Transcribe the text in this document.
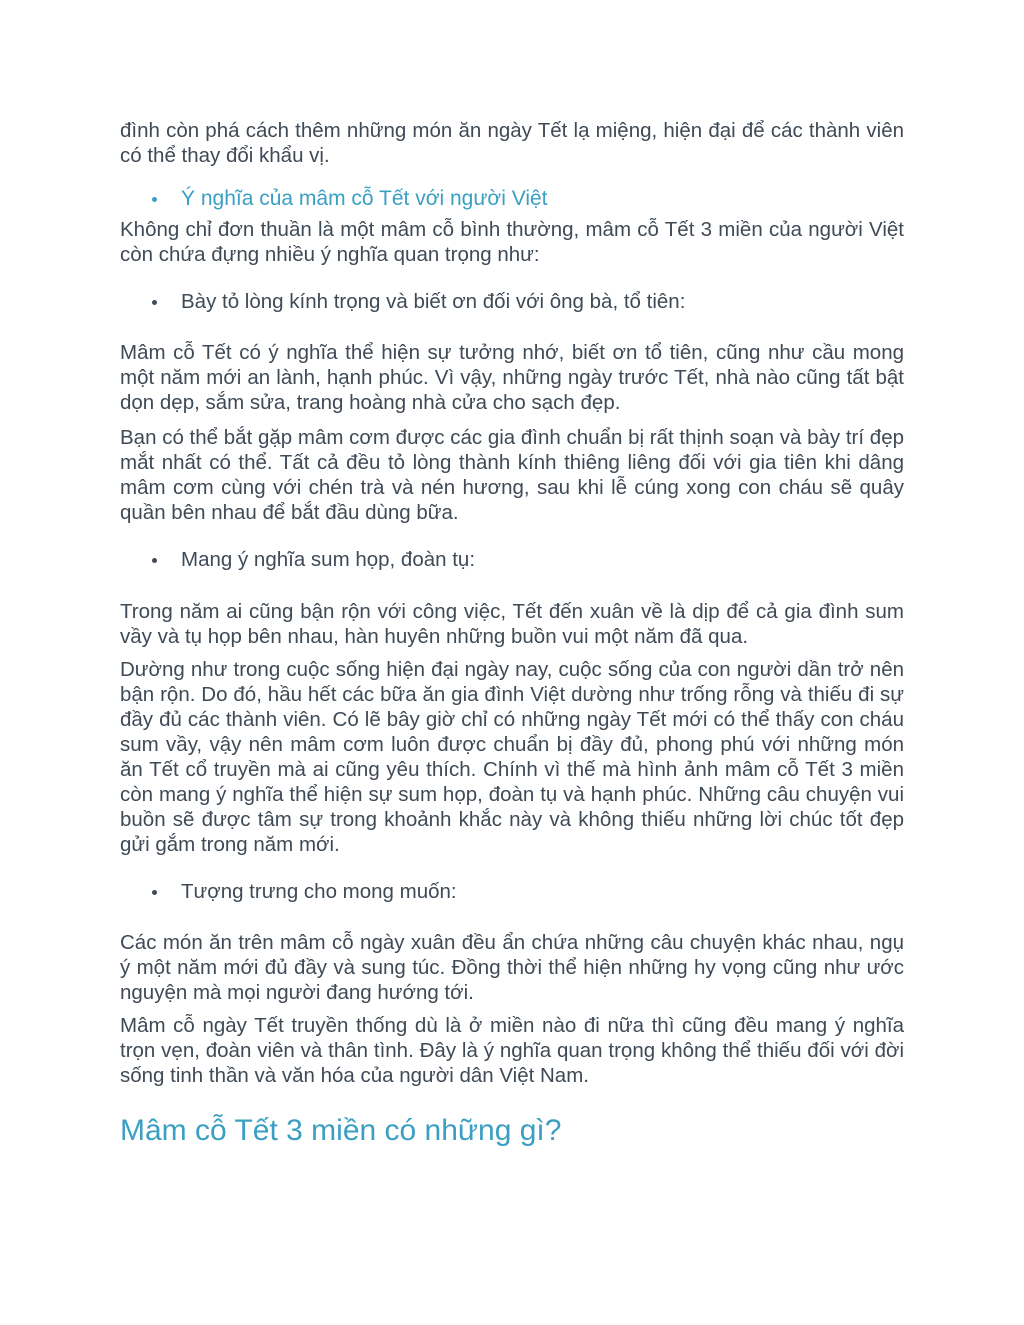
đình còn phá cách thêm những món ăn ngày Tết lạ miệng, hiện đại để các thành viên có thể thay đổi khẩu vị.

Ý nghĩa của mâm cỗ Tết với người Việt

Không chỉ đơn thuần là một mâm cỗ bình thường, mâm cỗ Tết 3 miền của người Việt còn chứa đựng nhiều ý nghĩa quan trọng như:

Bày tỏ lòng kính trọng và biết ơn đối với ông bà, tổ tiên:

Mâm cỗ Tết có ý nghĩa thể hiện sự tưởng nhớ, biết ơn tổ tiên, cũng như cầu mong một năm mới an lành, hạnh phúc. Vì vậy, những ngày trước Tết, nhà nào cũng tất bật dọn dẹp, sắm sửa, trang hoàng nhà cửa cho sạch đẹp.

Bạn có thể bắt gặp mâm cơm được các gia đình chuẩn bị rất thịnh soạn và bày trí đẹp mắt nhất có thể. Tất cả đều tỏ lòng thành kính thiêng liêng đối với gia tiên khi dâng mâm cơm cùng với chén trà và nén hương, sau khi lễ cúng xong con cháu sẽ quây quần bên nhau để bắt đầu dùng bữa.

Mang ý nghĩa sum họp, đoàn tụ:

Trong năm ai cũng bận rộn với công việc, Tết đến xuân về là dịp để cả gia đình sum vầy và tụ họp bên nhau, hàn huyên những buồn vui một năm đã qua.

Dường như trong cuộc sống hiện đại ngày nay, cuộc sống của con người dần trở nên bận rộn. Do đó, hầu hết các bữa ăn gia đình Việt dường như trống rỗng và thiếu đi sự đầy đủ các thành viên. Có lẽ bây giờ chỉ có những ngày Tết mới có thể thấy con cháu sum vầy, vậy nên mâm cơm luôn được chuẩn bị đầy đủ, phong phú với những món ăn Tết cổ truyền mà ai cũng yêu thích. Chính vì thế mà hình ảnh mâm cỗ Tết 3 miền còn mang ý nghĩa thể hiện sự sum họp, đoàn tụ và hạnh phúc. Những câu chuyện vui buồn sẽ được tâm sự trong khoảnh khắc này và không thiếu những lời chúc tốt đẹp gửi gắm trong năm mới.

Tượng trưng cho mong muốn:

Các món ăn trên mâm cỗ ngày xuân đều ẩn chứa những câu chuyện khác nhau, ngụ ý một năm mới đủ đầy và sung túc. Đồng thời thể hiện những hy vọng cũng như ước nguyện mà mọi người đang hướng tới.

Mâm cỗ ngày Tết truyền thống dù là ở miền nào đi nữa thì cũng đều mang ý nghĩa trọn vẹn, đoàn viên và thân tình. Đây là ý nghĩa quan trọng không thể thiếu đối với đời sống tinh thần và văn hóa của người dân Việt Nam.

Mâm cỗ Tết 3 miền có những gì?
